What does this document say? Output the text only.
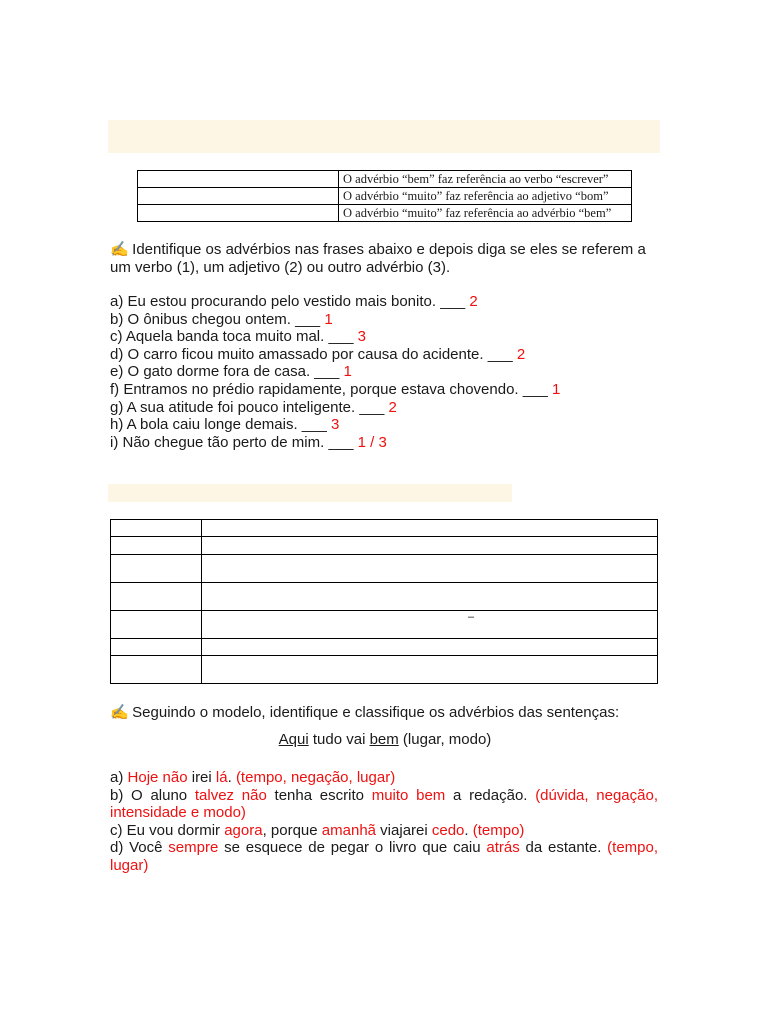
	O advérbio “bem” faz referência ao verbo “escrever”
	O advérbio “muito” faz referência ao adjetivo “bom”
	O advérbio “muito” faz referência ao advérbio “bem”

✍ Identifique os advérbios nas frases abaixo e depois diga se eles se referem a um verbo (1), um adjetivo (2) ou outro advérbio (3).

a) Eu estou procurando pelo vestido mais bonito. ___ 2
b) O ônibus chegou ontem. ___ 1
c) Aquela banda toca muito mal. ___ 3
d) O carro ficou muito amassado por causa do acidente. ___ 2
e) O gato dorme fora de casa. ___ 1
f) Entramos no prédio rapidamente, porque estava chovendo. ___ 1
g) A sua atitude foi pouco inteligente. ___ 2
h) A bola caiu longe demais. ___ 3
i) Não chegue tão perto de mim. ___ 1 / 3

–

✍ Seguindo o modelo, identifique e classifique os advérbios das sentenças:

Aqui tudo vai bem (lugar, modo)
a) Hoje não irei lá. (tempo, negação, lugar)
b) O aluno talvez não tenha escrito muito bem a redação. (dúvida, negação, intensidade e modo)
c) Eu vou dormir agora, porque amanhã viajarei cedo. (tempo)
d) Você sempre se esquece de pegar o livro que caiu atrás da estante. (tempo, lugar)
